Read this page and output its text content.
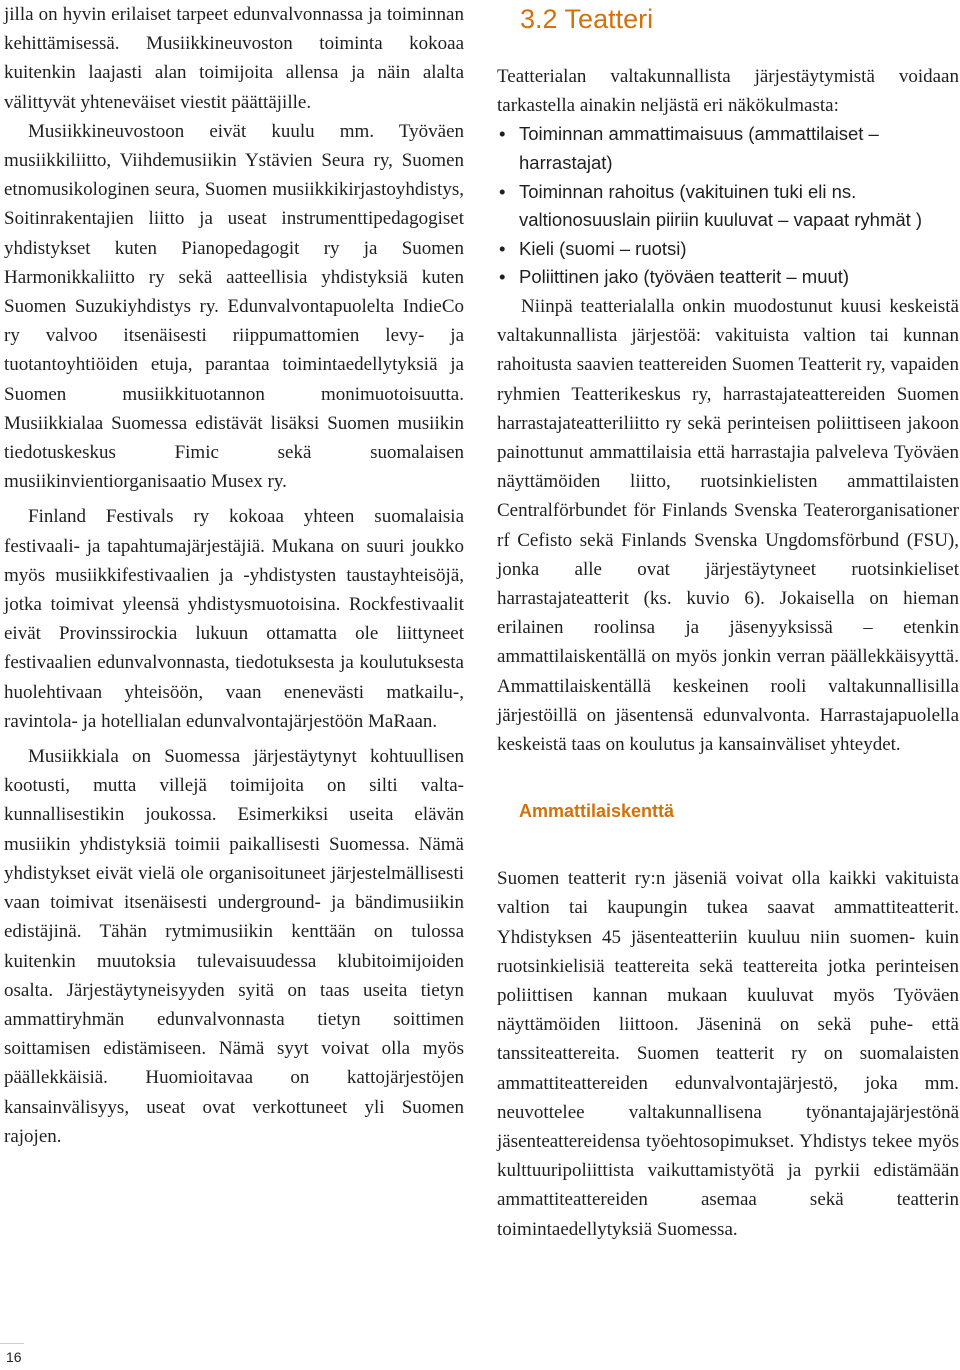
jilla on hyvin erilaiset tarpeet edunvalvonnassa ja toiminnan kehittämisessä. Musiikkineuvoston toiminta kokoaa kuitenkin laajasti alan toimijoita allensa ja näin alalta välittyvät yhteneväiset viestit päättäjille.

Musiikkineuvostoon eivät kuulu mm. Työväen musiikkiliitto, Viihdemusiikin Ystävien Seura ry, Suomen etnomusikologinen seura, Suomen musiikkikirjastoyhdistys, Soitinrakentajien liitto ja useat instrumenttipedagogiset yhdistykset kuten Pianopedagogit ry ja Suomen Harmonikkaliitto ry sekä aatteellisia yhdistyksiä kuten Suomen Suzukiyhdistys ry. Edunvalvontapuolelta IndieCo ry valvoo itsenäisesti riippumattomien levy- ja tuotantoyhtiöiden etuja, parantaa toimintaedellytyksiä ja Suomen musiikkituotannon monimuotoisuutta. Musiikkialaa Suomessa edistävät lisäksi Suomen musiikin tiedotuskeskus Fimic sekä suomalaisen musiikinvientiorganisaatio Musex ry.

Finland Festivals ry kokoaa yhteen suomalaisia festivaali- ja tapahtumajärjestäjiä. Mukana on suuri joukko myös musiikkifestivaalien ja -yhdistysten taustayhteisöjä, jotka toimivat yleensä yhdistysmuotoisina. Rockfestivaalit eivät Provinssirockia lukuun ottamatta ole liittyneet festivaalien edunvalvonnasta, tiedotuksesta ja koulutuksesta huolehtivaan yhteisöön, vaan enenevästi matkailu-, ravintola- ja hotellialan edunvalvontajärjestöön MaRaan.

Musiikkiala on Suomessa järjestäytynyt kohtuullisen kootusti, mutta villejä toimijoita on silti valtakunnallisestikin joukossa. Esimerkiksi useita elävän musiikin yhdistyksiä toimii paikallisesti Suomessa. Nämä yhdistykset eivät vielä ole organisoituneet järjestelmällisesti vaan toimivat itsenäisesti underground- ja bändimusiikin edistäjinä. Tähän rytmimusiikin kenttään on tulossa kuitenkin muutoksia tulevaisuudessa klubitoimijoiden osalta. Järjestäytyneisyyden syitä on taas useita tietyn ammattiryhmän edunvalvonnasta tietyn soittimen soittamisen edistämiseen. Nämä syyt voivat olla myös päällekkäisiä. Huomioitavaa on kattojärjestöjen kansainvälisyys, useat ovat verkottuneet yli Suomen rajojen.

3.2 Teatteri

Teatterialan valtakunnallista järjestäytymistä voidaan tarkastella ainakin neljästä eri näkökulmasta:

• Toiminnan ammattimaisuus (ammattilaiset – harrastajat)
• Toiminnan rahoitus (vakituinen tuki eli ns. valtionosuuslain piiriin kuuluvat – vapaat ryhmät )
• Kieli (suomi – ruotsi)
• Poliittinen jako (työväen teatterit – muut)

Niinpä teatterialalla onkin muodostunut kuusi keskeistä valtakunnallista järjestöä: vakituista valtion tai kunnan rahoitusta saavien teattereiden Suomen Teatterit ry, vapaiden ryhmien Teatterikeskus ry, harrastajateattereiden Suomen harrastajateatteriliitto ry sekä perinteisen poliittiseen jakoon painottunut ammattilaisia että harrastajia palveleva Työväen näyttämöiden liitto, ruotsinkielisten ammattilaisten Centralförbundet för Finlands Svenska Teaterorganisationer rf Cefisto sekä Finlands Svenska Ungdomsförbund (FSU), jonka alle ovat järjestäytyneet ruotsinkieliset harrastajateatterit (ks. kuvio 6). Jokaisella on hieman erilainen roolinsa ja jäsenyyksissä – etenkin ammattilaiskentällä on myös jonkin verran päällekkäisyyttä. Ammattilaiskentällä keskeinen rooli valtakunnallisilla järjestöillä on jäsentensä edunvalvonta. Harrastajapuolella keskeistä taas on koulutus ja kansainväliset yhteydet.

Ammattilaiskenttä

Suomen teatterit ry:n jäseniä voivat olla kaikki vakituista valtion tai kaupungin tukea saavat ammattiteatterit. Yhdistyksen 45 jäsenteatteriin kuuluu niin suomen- kuin ruotsinkielisiä teattereita sekä teattereita jotka perinteisen poliittisen kannan mukaan kuuluvat myös Työväen näyttämöiden liittoon. Jäseninä on sekä puhe- että tanssiteattereita. Suomen teatterit ry on suomalaisten ammattiteattereiden edunvalvontajärjestö, joka mm. neuvottelee valtakunnallisena työnantajajärjestönä jäsenteattereidensa työehtosopimukset. Yhdistys tekee myös kulttuuripoliittista vaikuttamistyötä ja pyrkii edistämään ammattiteattereiden asemaa sekä teatterin toimintaedellytyksiä Suomessa.

16
